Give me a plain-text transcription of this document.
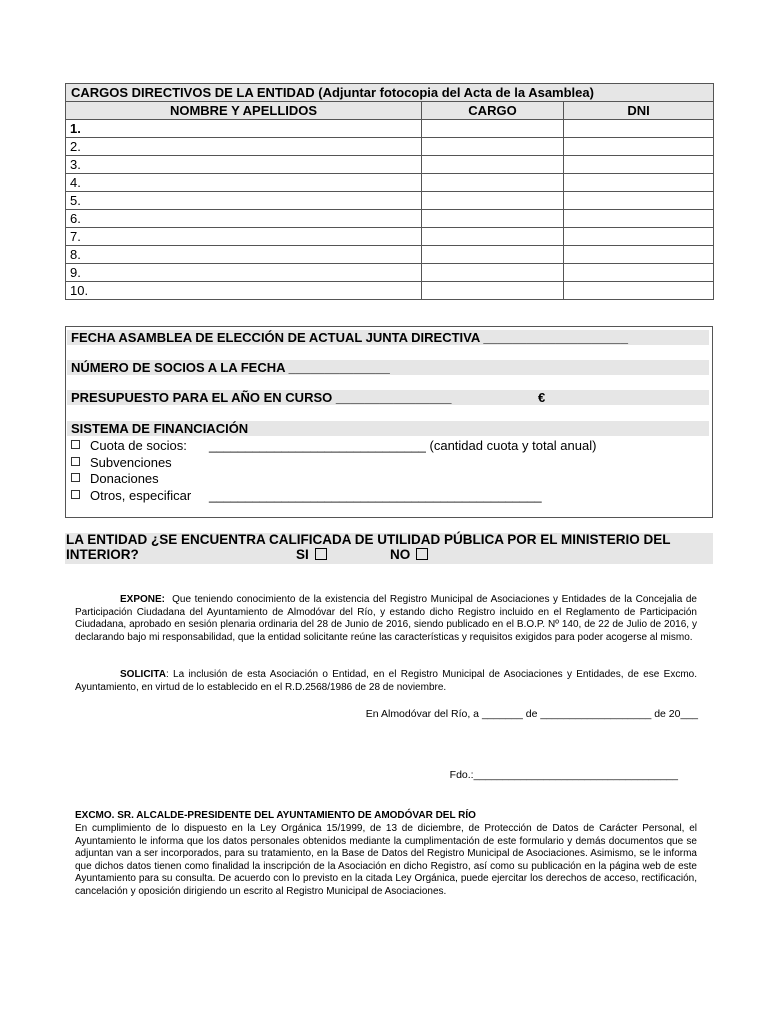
CARGOS DIRECTIVOS DE LA ENTIDAD (Adjuntar fotocopia del Acta de la Asamblea)		
NOMBRE Y APELLIDOS	CARGO	DNI
1.		
2.		
3.		
4.		
5.		
6.		
7.		
8.		
9.		
10.		
FECHA ASAMBLEA DE ELECCIÓN DE ACTUAL JUNTA DIRECTIVA ____________________
NÚMERO DE SOCIOS A LA FECHA ______________
PRESUPUESTO PARA EL AÑO EN CURSO ________________	€
SISTEMA DE FINANCIACIÓN
Cuota de socios: ______________________________ (cantidad cuota y total anual)
Subvenciones
Donaciones
Otros, especificar ______________________________________________
LA ENTIDAD ¿SE ENCUENTRA CALIFICADA DE UTILIDAD PÚBLICA POR EL MINISTERIO DEL
INTERIOR?	SI	NO
EXPONE: Que teniendo conocimiento de la existencia del Registro Municipal de Asociaciones y Entidades de la Concejalia de Participación Ciudadana del Ayuntamiento de Almodóvar del Río, y estando dicho Registro incluido en el Reglamento de Participación Ciudadana, aprobado en sesión plenaria ordinaria del 28 de Junio de 2016, siendo publicado en el B.O.P. Nº 140, de 22 de Julio de 2016, y declarando bajo mi responsabilidad, que la entidad solicitante reúne las características y requisitos exigidos para poder acogerse al mismo.
SOLICITA: La inclusión de esta Asociación o Entidad, en el Registro Municipal de Asociaciones y Entidades, de ese Excmo. Ayuntamiento, en virtud de lo establecido en el R.D.2568/1986 de 28 de noviembre.
En Almodóvar del Río, a _______ de ___________________ de 20___
Fdo.:___________________________________
EXCMO. SR. ALCALDE-PRESIDENTE DEL AYUNTAMIENTO DE AMODÓVAR DEL RÍO
En cumplimiento de lo dispuesto en la Ley Orgánica 15/1999, de 13 de diciembre, de Protección de Datos de Carácter Personal, el Ayuntamiento le informa que los datos personales obtenidos mediante la cumplimentación de este formulario y demás documentos que se adjuntan van a ser incorporados, para su tratamiento, en la Base de Datos del Registro Municipal de Asociaciones. Asimismo, se le informa que dichos datos tienen como finalidad la inscripción de la Asociación en dicho Registro, así como su publicación en la página web de este Ayuntamiento para su consulta. De acuerdo con lo previsto en la citada Ley Orgánica, puede ejercitar los derechos de acceso, rectificación, cancelación y oposición dirigiendo un escrito al Registro Municipal de Asociaciones.
